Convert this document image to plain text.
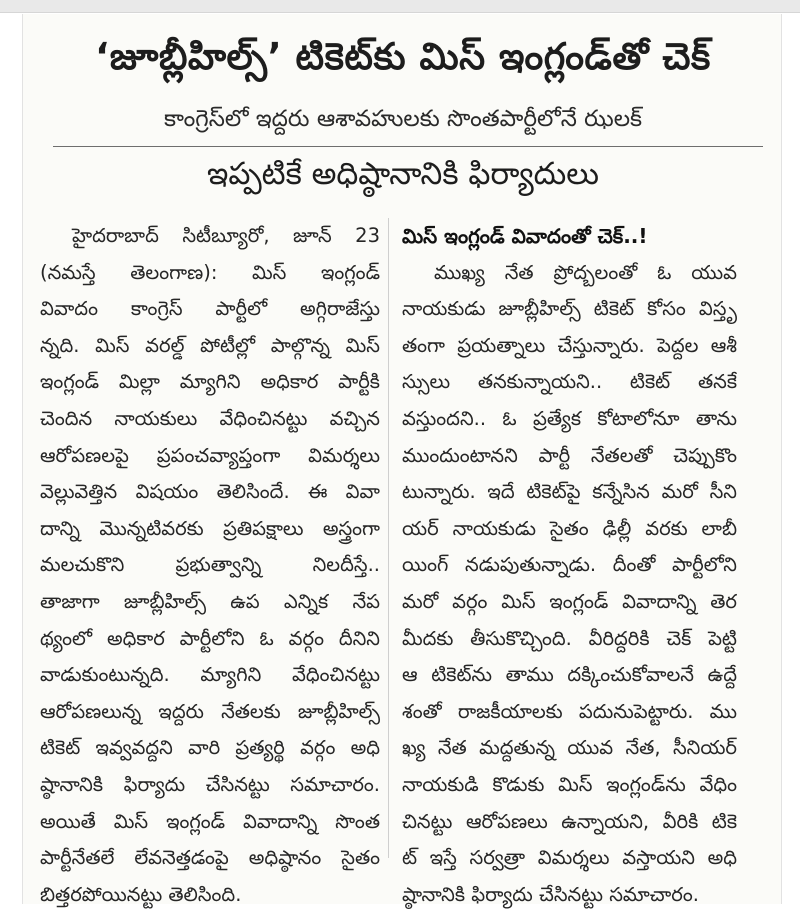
‘జూబ్లీహిల్స్’ టికెట్‌కు మిస్ ఇంగ్లండ్‌తో చెక్
కాంగ్రెస్‌లో ఇద్దరు ఆశావహులకు సొంతపార్టీలోనే ఝలక్
ఇప్పటికే అధిష్ఠానానికి ఫిర్యాదులు
హైదరాబాద్ సిటీబ్యూరో, జూన్ 23
(నమస్తే తెలంగాణ): మిస్ ఇంగ్లండ్
వివాదం కాంగ్రెస్ పార్టీలో అగ్గిరాజేస్తు
న్నది. మిస్ వరల్డ్ పోటీల్లో పాల్గొన్న మిస్
ఇంగ్లండ్ మిల్లా మ్యాగిని అధికార పార్టీకి
చెందిన నాయకులు వేధించినట్టు వచ్చిన
ఆరోపణలపై ప్రపంచవ్యాప్తంగా విమర్శలు
వెల్లువెత్తిన విషయం తెలిసిందే. ఈ వివా
దాన్ని మొన్నటివరకు ప్రతిపక్షాలు అస్త్రంగా
మలచుకొని ప్రభుత్వాన్ని నిలదీస్తే..
తాజాగా జూబ్లీహిల్స్ ఉప ఎన్నిక నేప
థ్యంలో అధికార పార్టీలోని ఓ వర్గం దీనిని
వాడుకుంటున్నది. మ్యాగిని వేధించినట్టు
ఆరోపణలున్న ఇద్దరు నేతలకు జూబ్లీహిల్స్
టికెట్ ఇవ్వవద్దని వారి ప్రత్యర్థి వర్గం అధి
ష్ఠానానికి ఫిర్యాదు చేసినట్టు సమాచారం.
అయితే మిస్ ఇంగ్లండ్ వివాదాన్ని సొంత
పార్టీనేతలే లేవనెత్తడంపై అధిష్ఠానం సైతం
బిత్తరపోయినట్టు తెలిసింది.
మిస్ ఇంగ్లండ్ వివాదంతో చెక్..!
ముఖ్య నేత ప్రోద్బలంతో ఓ యువ
నాయకుడు జూబ్లీహిల్స్ టికెట్ కోసం విస్తృ
తంగా ప్రయత్నాలు చేస్తున్నారు. పెద్దల ఆశీ
స్సులు తనకున్నాయని.. టికెట్ తనకే
వస్తుందని.. ఓ ప్రత్యేక కోటాలోనూ తాను
ముందుంటానని పార్టీ నేతలతో చెప్పుకొం
టున్నారు. ఇదే టికెట్‌పై కన్నేసిన మరో సీని
యర్ నాయకుడు సైతం ఢిల్లీ వరకు లాబీ
యింగ్ నడుపుతున్నాడు. దీంతో పార్టీలోని
మరో వర్గం మిస్ ఇంగ్లండ్ వివాదాన్ని తెర
మీదకు తీసుకొచ్చింది. వీరిద్దరికి చెక్ పెట్టి
ఆ టికెట్‌ను తాము దక్కించుకోవాలనే ఉద్దే
శంతో రాజకీయాలకు పదునుపెట్టారు. ము
ఖ్య నేత మద్దతున్న యువ నేత, సీనియర్
నాయకుడి కొడుకు మిస్ ఇంగ్లండ్‌ను వేధిం
చినట్టు ఆరోపణలు ఉన్నాయని, వీరికి టికె
ట్ ఇస్తే సర్వత్రా విమర్శలు వస్తాయని అధి
ష్ఠానానికి ఫిర్యాదు చేసినట్టు సమాచారం.
